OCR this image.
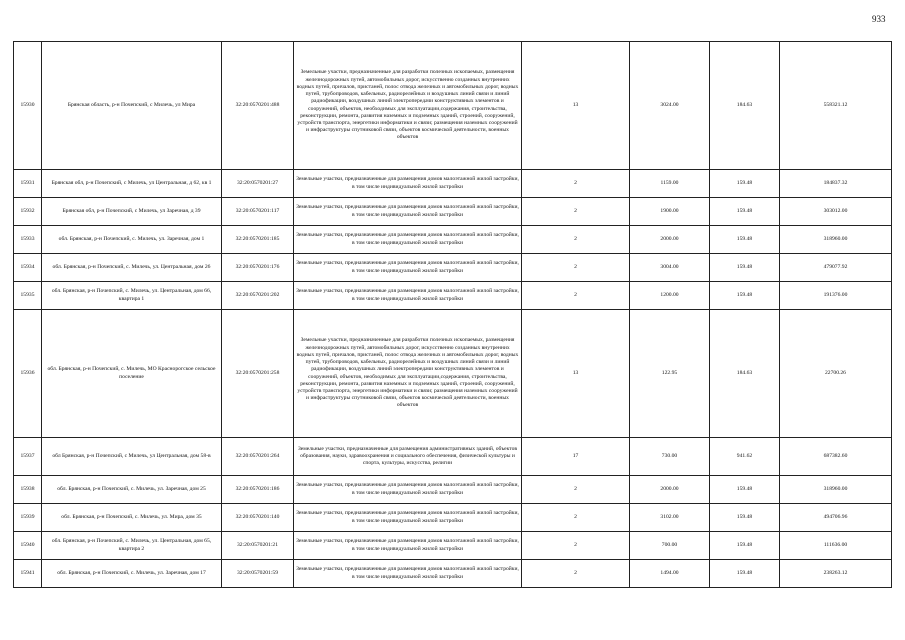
933
15930	Брянская область, р-н Почепский, с Милечь, ул Мира	32:20:0570201:488	Земельные участки, предназначенные для разработки полезных ископаемых, размещения железнодорожных путей, автомобильных дорог, искусственно созданных внутренних водных путей, причалов, пристаней, полос отвода железных и автомобильных дорог, водных путей, трубопроводов, кабельных, радиорелейных и воздушных линий связи и линий радиофикации, воздушных линий электропередачи конструктивных элементов и сооружений, объектов, необходимых для эксплуатации,содержания, строительства, реконструкции, ремонта, развития наземных и подземных зданий, строений, сооружений, устройств транспорта, энергетики информатики и связи; размещения наземных сооружений и инфраструктуры спутниковой связи, объектов космической деятельности, военных объектов	13	3024.00	184.63	558321.12
15931	Брянская обл, р-н Почепский, с Милечь, ул Центральная, д 62, кв 1	32:20:0570201:27	Земельные участки, предназначенные для размещения домов малоэтажной жилой застройки, в том числе индивидуальной жилой застройки	2	1159.00	159.48	184837.32
15932	Брянская обл, р-н Почепский, с Милечь, ул Заречная, д 39	32:20:0570201:117	Земельные участки, предназначенные для размещения домов малоэтажной жилой застройки, в том числе индивидуальной жилой застройки	2	1900.00	159.48	303012.00
15933	обл. Брянская, р-н Почепский, с. Милечь, ул. Заречная, дом 1	32:20:0570201:185	Земельные участки, предназначенные для размещения домов малоэтажной жилой застройки, в том числе индивидуальной жилой застройки	2	2000.00	159.48	318960.00
15934	обл. Брянская, р-н Почепский, с. Милечь, ул. Центральная, дом 26	32:20:0570201:176	Земельные участки, предназначенные для размещения домов малоэтажной жилой застройки, в том числе индивидуальной жилой застройки	2	3004.00	159.48	479077.92
15935	обл. Брянская, р-н Почепский, с. Милечь, ул. Центральная, дом 66, квартира 1	32:20:0570201:202	Земельные участки, предназначенные для размещения домов малоэтажной жилой застройки, в том числе индивидуальной жилой застройки	2	1200.00	159.48	191376.00
15936	обл. Брянская, р-н Почепский, с. Милечь, МО Краснорогское сельское поселение	32:20:0570201:258	Земельные участки, предназначенные для разработки полезных ископаемых, размещения железнодорожных путей, автомобильных дорог, искусственно созданных внутренних водных путей, причалов, пристаней, полос отвода железных и автомобильных дорог, водных путей, трубопроводов, кабельных, радиорелейных и воздушных линий связи и линий радиофикации, воздушных линий электропередачи конструктивных элементов и сооружений, объектов, необходимых для эксплуатации,содержания, строительства, реконструкции, ремонта, развития наземных и подземных зданий, строений, сооружений, устройств транспорта, энергетики информатики и связи; размещения наземных сооружений и инфраструктуры спутниковой связи, объектов космической деятельности, военных объектов	13	122.95	184.63	22700.26
15937	обл Брянская, р-н Почепский, с Милечь, ул Центральная, дом 58-в	32:20:0570201:264	Земельные участки, предназначенные для размещения административных зданий, объектов образования, науки, здравоохранения и социального обеспечения, физической культуры и спорта, культуры, искусства, религии	17	730.00	941.62	687382.60
15938	обл. Брянская, р-н Почепский, с. Милечь, ул. Заречная, дом 25	32:20:0570201:186	Земельные участки, предназначенные для размещения домов малоэтажной жилой застройки, в том числе индивидуальной жилой застройки	2	2000.00	159.48	318960.00
15939	обл. Брянская, р-н Почепский, с. Милечь, ул. Мира, дом 35	32:20:0570201:140	Земельные участки, предназначенные для размещения домов малоэтажной жилой застройки, в том числе индивидуальной жилой застройки	2	3102.00	159.48	494706.96
15940	обл. Брянская, р-н Почепский, с. Милечь, ул. Центральная, дом 65, квартира 2	32:20:0570201:21	Земельные участки, предназначенные для размещения домов малоэтажной жилой застройки, в том числе индивидуальной жилой застройки	2	700.00	159.48	111636.00
15941	обл. Брянская, р-н Почепский, с. Милечь, ул. Заречная, дом 17	32:20:0570201:59	Земельные участки, предназначенные для размещения домов малоэтажной жилой застройки, в том числе индивидуальной жилой застройки	2	1494.00	159.48	238263.12
